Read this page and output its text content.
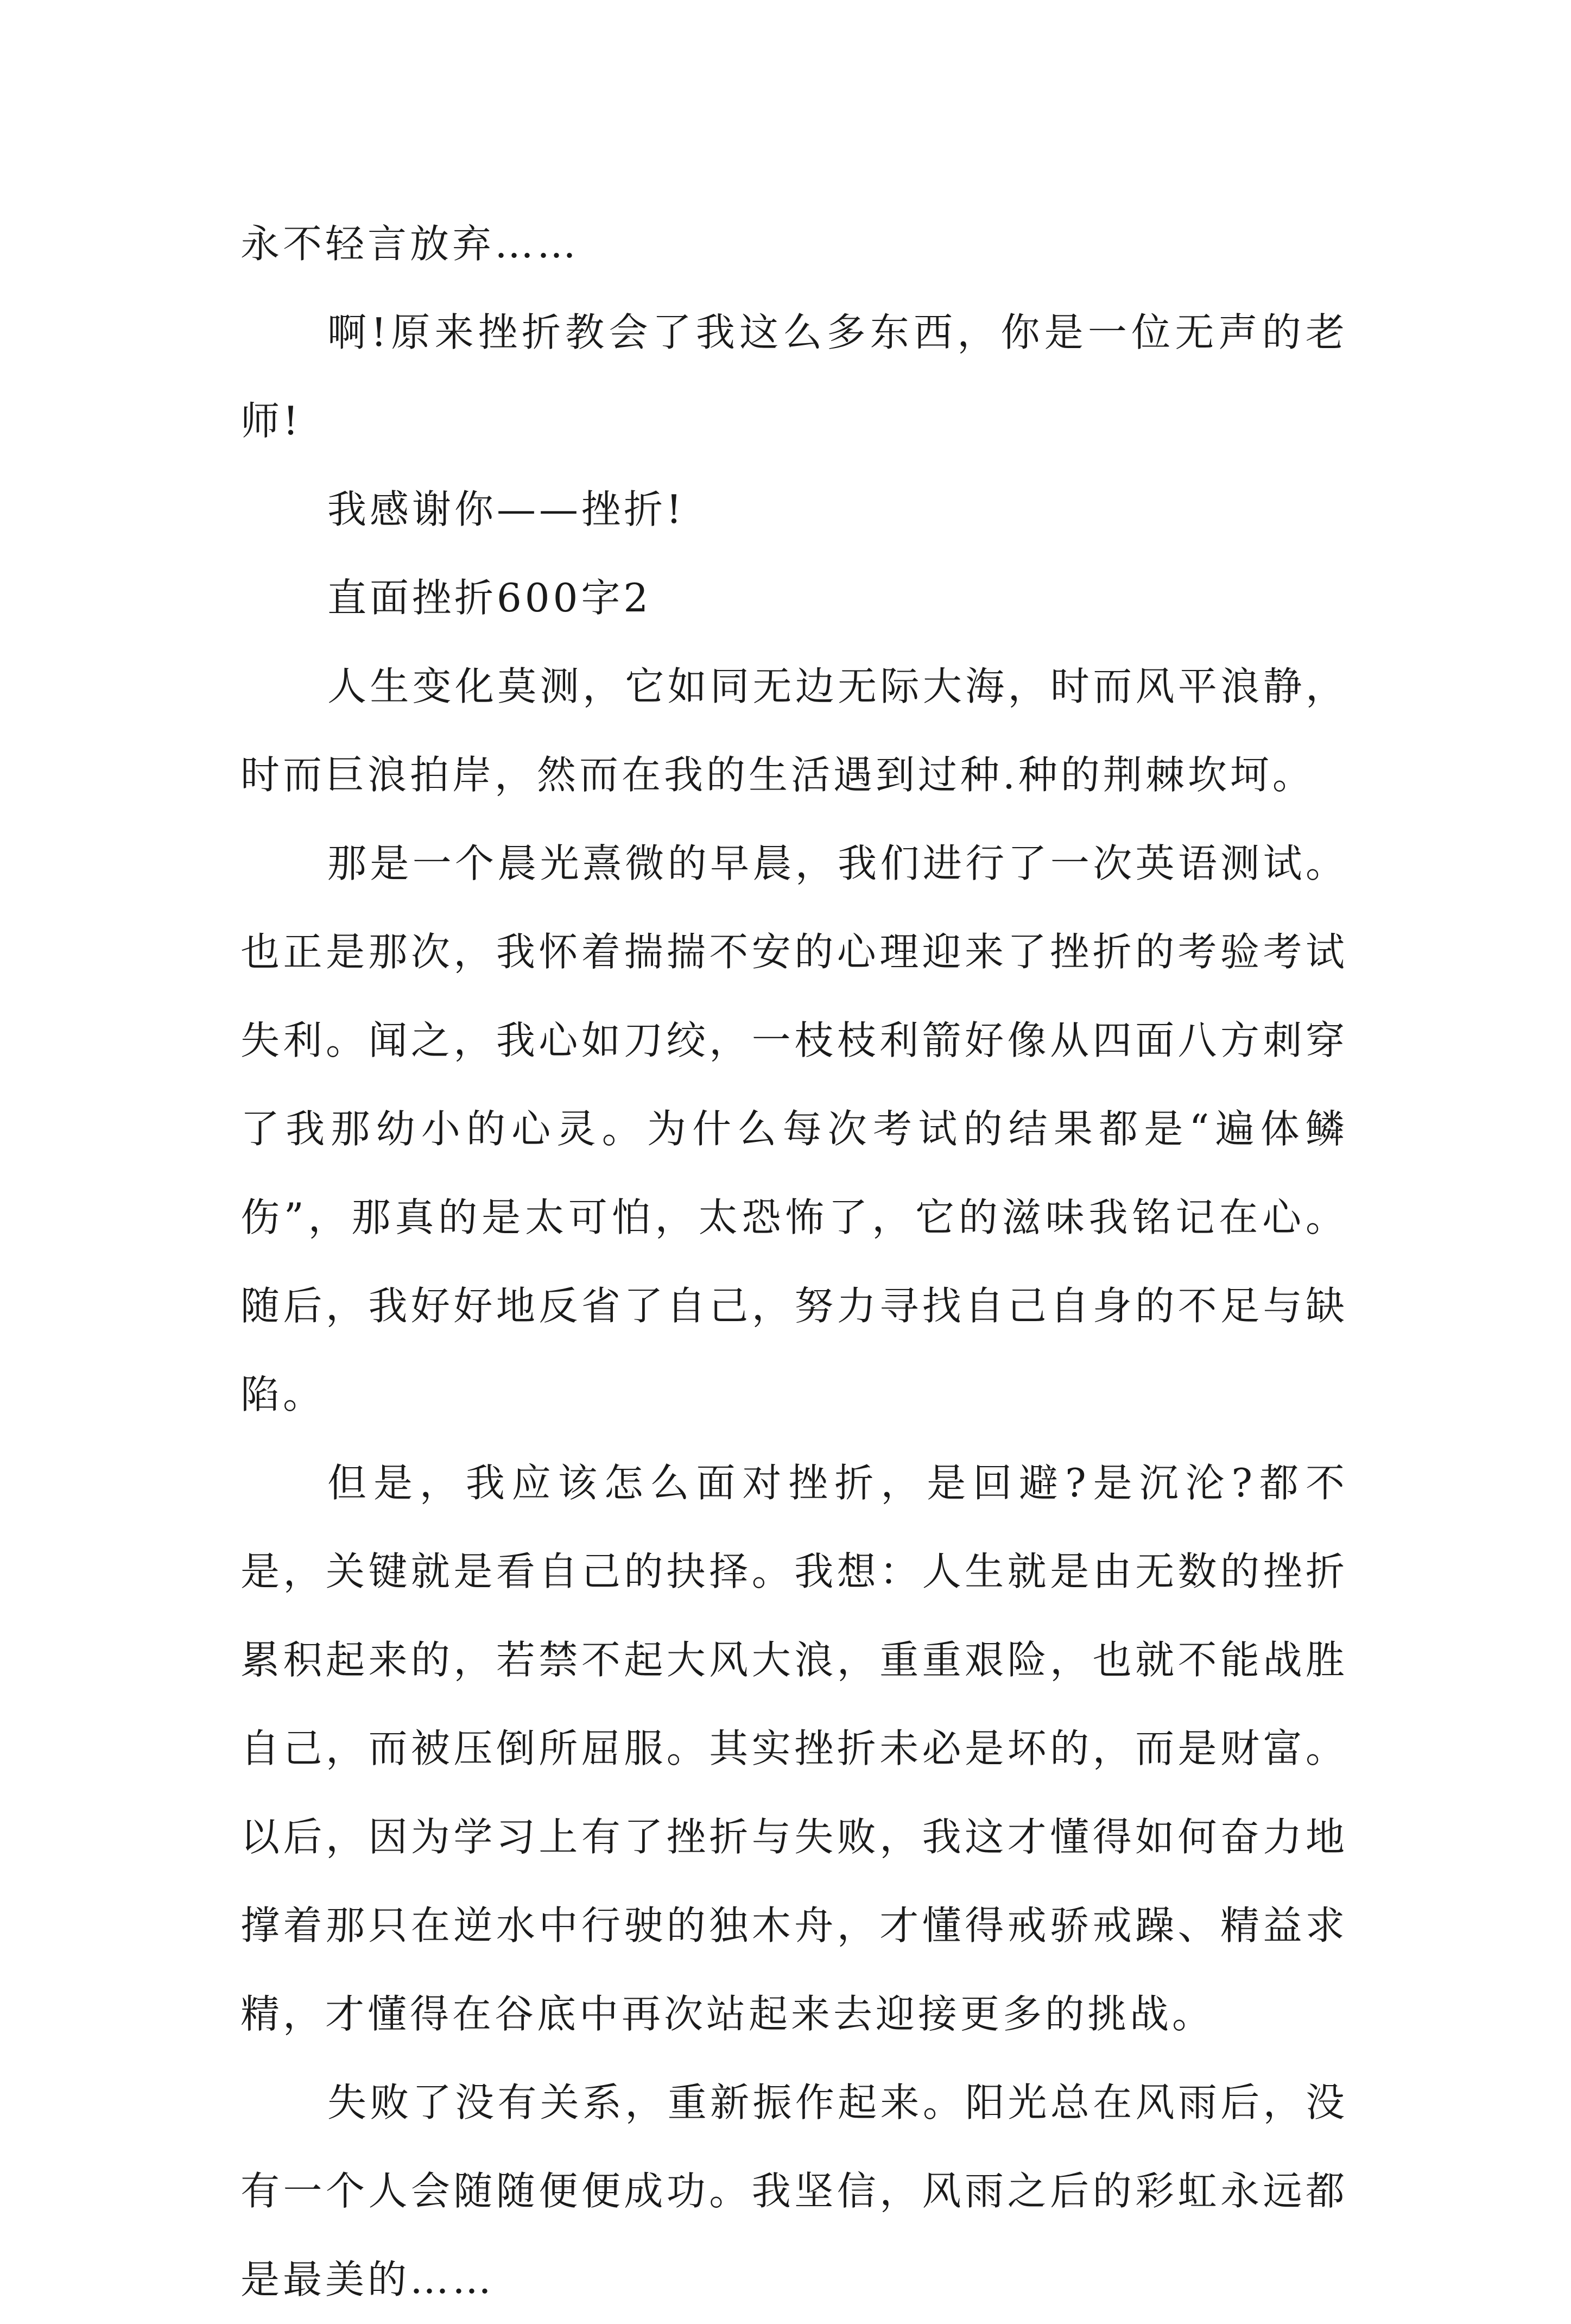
永不轻言放弃……

啊!原来挫折教会了我这么多东西，你是一位无声的老师!

我感谢你——挫折!

直面挫折600字2

人生变化莫测，它如同无边无际大海，时而风平浪静，时而巨浪拍岸，然而在我的生活遇到过种.种的荆棘坎坷。

那是一个晨光熹微的早晨，我们进行了一次英语测试。也正是那次，我怀着揣揣不安的心理迎来了挫折的考验考试失利。闻之，我心如刀绞，一枝枝利箭好像从四面八方刺穿了我那幼小的心灵。为什么每次考试的结果都是“遍体鳞伤”，那真的是太可怕，太恐怖了，它的滋味我铭记在心。随后，我好好地反省了自己，努力寻找自己自身的不足与缺陷。

但是，我应该怎么面对挫折，是回避?是沉沦?都不是，关键就是看自己的抉择。我想：人生就是由无数的挫折累积起来的，若禁不起大风大浪，重重艰险，也就不能战胜自己，而被压倒所屈服。其实挫折未必是坏的，而是财富。以后，因为学习上有了挫折与失败，我这才懂得如何奋力地撑着那只在逆水中行驶的独木舟，才懂得戒骄戒躁、精益求精，才懂得在谷底中再次站起来去迎接更多的挑战。

失败了没有关系，重新振作起来。阳光总在风雨后，没有一个人会随随便便成功。我坚信，风雨之后的彩虹永远都是最美的……
